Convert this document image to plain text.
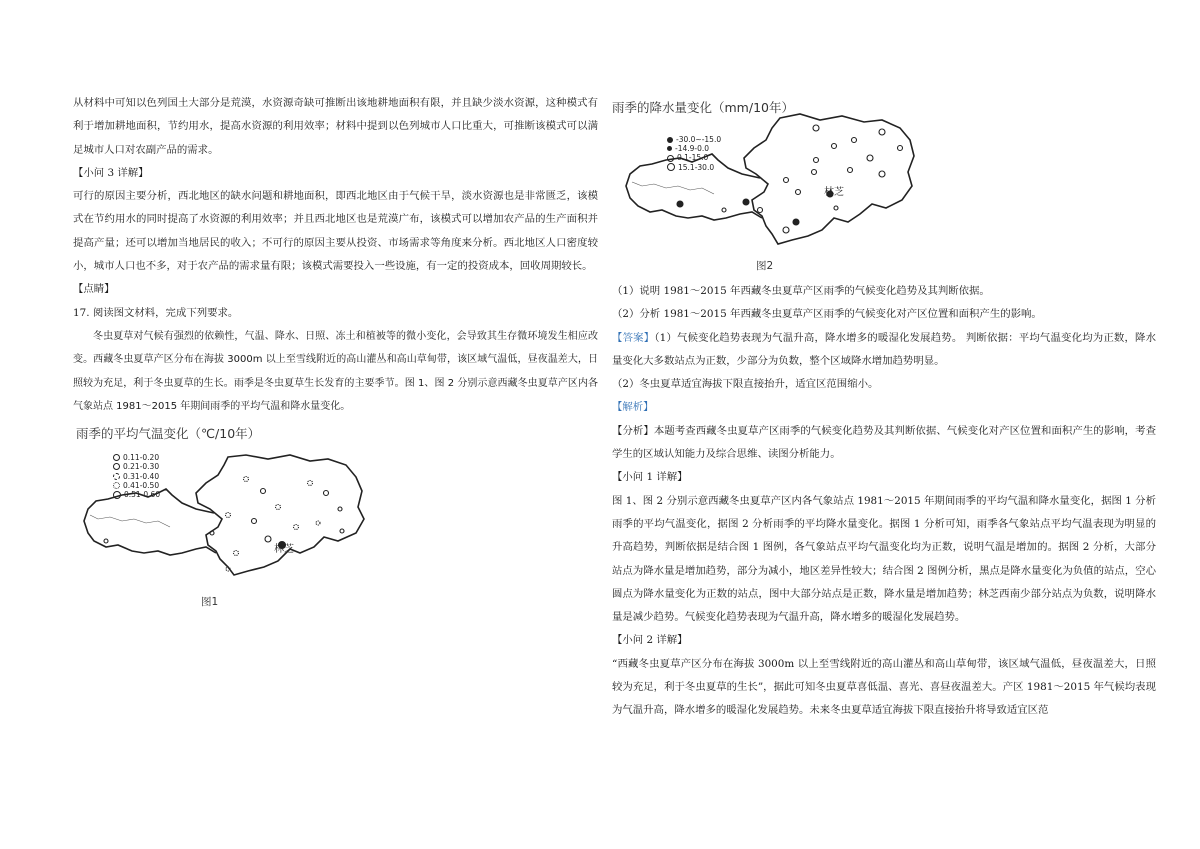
从材料中可知以色列国土大部分是荒漠，水资源奇缺可推断出该地耕地面积有限，并且缺少淡水资源，这种模式有利于增加耕地面积，节约用水，提高水资源的利用效率；材料中提到以色列城市人口比重大，可推断该模式可以满足城市人口对农副产品的需求。

【小问 3 详解】

可行的原因主要分析，西北地区的缺水问题和耕地面积，即西北地区由于气候干旱，淡水资源也是非常匮乏，该模式在节约用水的同时提高了水资源的利用效率；并且西北地区也是荒漠广布，该模式可以增加农产品的生产面积并提高产量；还可以增加当地居民的收入；不可行的原因主要从投资、市场需求等角度来分析。西北地区人口密度较小，城市人口也不多，对于农产品的需求量有限；该模式需要投入一些设施，有一定的投资成本，回收周期较长。

【点睛】

17. 阅读图文材料，完成下列要求。

冬虫夏草对气候有强烈的依赖性，气温、降水、日照、冻土和植被等的微小变化，会导致其生存微环境发生相应改变。西藏冬虫夏草产区分布在海拔 3000m 以上至雪线附近的高山灌丛和高山草甸带，该区域气温低，昼夜温差大，日照较为充足，利于冬虫夏草的生长。雨季是冬虫夏草生长发育的主要季节。图 1、图 2 分别示意西藏冬虫夏草产区内各气象站点 1981～2015 年期间雨季的平均气温和降水量变化。

雨季的平均气温变化（℃/10年）
0.11-0.20
0.21-0.30
0.31-0.40
0.41-0.50
0.51-0.60
林芝
图1
雨季的降水量变化（mm/10年）
-30.0~-15.0
-14.9-0.0
0.1-15.0
15.1-30.0
林芝
图2

（1）说明 1981～2015 年西藏冬虫夏草产区雨季的气候变化趋势及其判断依据。

（2）分析 1981～2015 年西藏冬虫夏草产区雨季的气候变化对产区位置和面积产生的影响。

【答案】（1）气候变化趋势表现为气温升高，降水增多的暖湿化发展趋势。 判断依据：平均气温变化均为正数，降水量变化大多数站点为正数，少部分为负数，整个区域降水增加趋势明显。

（2）冬虫夏草适宜海拔下限直接抬升，适宜区范围缩小。

【解析】

【分析】本题考查西藏冬虫夏草产区雨季的气候变化趋势及其判断依据、气候变化对产区位置和面积产生的影响，考查学生的区域认知能力及综合思维、读图分析能力。

【小问 1 详解】

图 1、图 2 分别示意西藏冬虫夏草产区内各气象站点 1981～2015 年期间雨季的平均气温和降水量变化，据图 1 分析雨季的平均气温变化，据图 2 分析雨季的平均降水量变化。据图 1 分析可知，雨季各气象站点平均气温表现为明显的升高趋势，判断依据是结合图 1 图例，各气象站点平均气温变化均为正数，说明气温是增加的。据图 2 分析，大部分站点为降水量是增加趋势，部分为减小，地区差异性较大；结合图 2 图例分析，黑点是降水量变化为负值的站点，空心圆点为降水量变化为正数的站点，图中大部分站点是正数，降水量是增加趋势；林芝西南少部分站点为负数，说明降水量是减少趋势。气候变化趋势表现为气温升高，降水增多的暖湿化发展趋势。

【小问 2 详解】

“西藏冬虫夏草产区分布在海拔 3000m 以上至雪线附近的高山灌丛和高山草甸带，该区域气温低，昼夜温差大，日照较为充足，利于冬虫夏草的生长”，据此可知冬虫夏草喜低温、喜光、喜昼夜温差大。产区 1981～2015 年气候均表现为气温升高，降水增多的暖湿化发展趋势。未来冬虫夏草适宜海拔下限直接抬升将导致适宜区范
